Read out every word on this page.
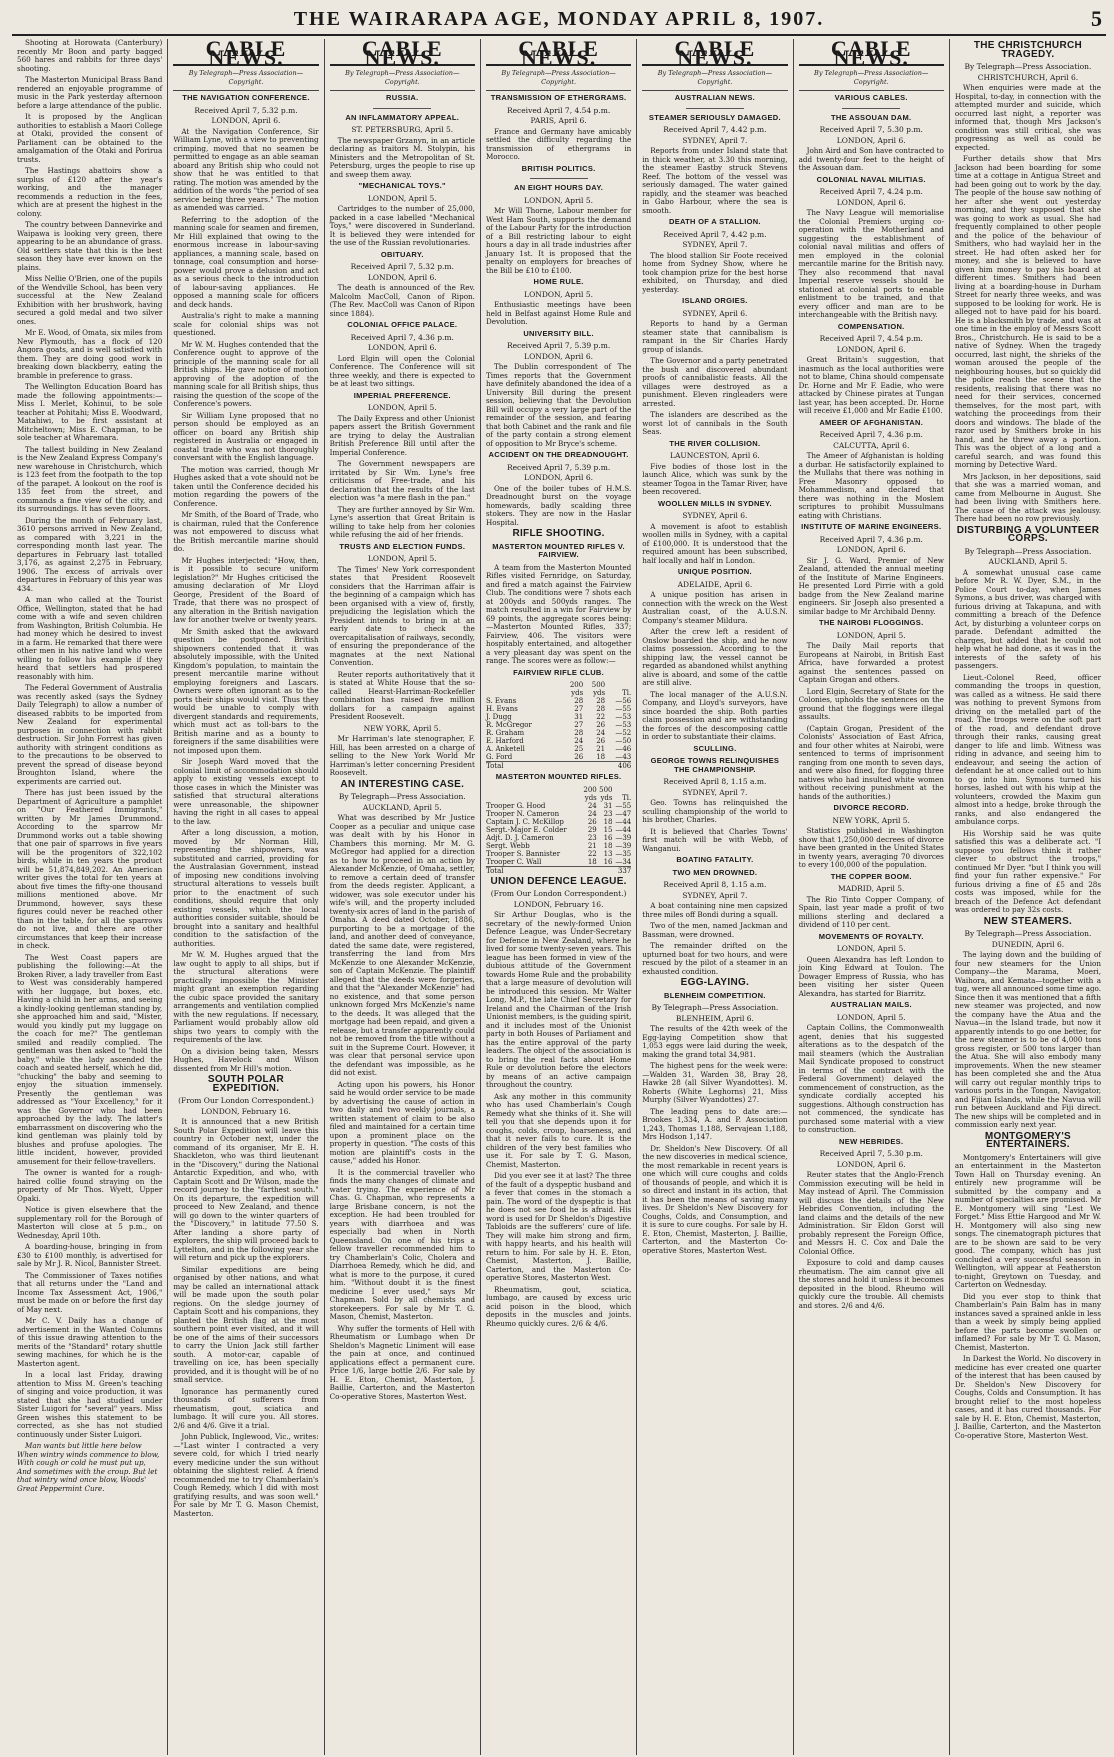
THE WAIRARAPA AGE, MONDAY APRIL 8, 1907.	5

Shooting at Horowata (Canterbury) recently Mr Boon and party bagged 560 hares and rabbits for three days' shooting.

The Masterton Municipal Brass Band rendered an enjoyable programme of music in the Park yesterday afternoon before a large attendance of the public.

It is proposed by the Anglican authorities to establish a Maori College at Otaki, provided the consent of Parliament can be obtained to the amalgamation of the Otaki and Porirua trusts.

The Hastings abattoirs show a surplus of £120 after the year's working, and the manager recommends a reduction in the fees, which are at present the highest in the colony.

The country between Dannevirke and Waipawa is looking very green, there appearing to be an abundance of grass. Old settlers state that this is the best season they have ever known on the plains.

Miss Nellie O'Brien, one of the pupils of the Wendville School, has been very successful at the New Zealand Exhibition with her brushwork, having secured a gold medal and two silver ones.

Mr E. Wood, of Omata, six miles from New Plymouth, has a flock of 120 Angora goats, and is well satisfied with them. They are doing good work in breaking down blackberry, eating the bramble in preference to grass.

The Wellington Education Board has made the following appointments:—Miss I. Merlet, Kohinui, to be sole teacher at Pohitahi; Miss E. Woodward, Matahiwi, to be first assistant at Mitcheltown; Miss E. Chapman, to be sole teacher at Wharemara.

The tallest building in New Zealand is the New Zealand Express Company's new warehouse in Christchurch, which is 123 feet from the footpath to the top of the parapet. A lookout on the roof is 135 feet from the street, and commands a fine view of the city, and its surroundings. It has seven floors.

During the month of February last, 3610 persons arrived in New Zealand, as compared with 3,221 in the corresponding month last year. The departures in February last totalled 3,176, as against 2,275 in February, 1906. The excess of arrivals over departures in February of this year was 434.

A man who called at the Tourist Office, Wellington, stated that he had come with a wife and seven children from Washington, British Columbia. He had money which he desired to invest in a farm. He remarked that there were other men in his native land who were willing to follow his example if they heard that settlers had prospered reasonably with him.

The Federal Government of Australia was recently asked (says the Sydney Daily Telegraph) to allow a number of diseased rabbits to be imported from New Zealand for experimental purposes in connection with rabbit destruction. Sir John Forrest has given authority with stringent conditions as to the precautions to be observed to prevent the spread of disease beyond Broughton Island, where the experiments are carried out.

There has just been issued by the Department of Agriculture a pamphlet on "Our Feathered Immigrants," written by Mr James Drummond. According to the sparrow Mr Drummond works out a table showing that one pair of sparrows in five years will be the progenitors of 322,102 birds, while in ten years the product will be 51,874,849,202. An American writer gives the total for ten years at about five times the fifty-one thousand millions mentioned above. Mr Drummond, however, says these figures could never be reached other than in the table, for all the sparrows do not live, and there are other circumstances that keep their increase in check.

The West Coast papers are publishing the following:—At the Broken River, a lady traveller from East to West was considerably hampered with her luggage, but boxes, etc. Having a child in her arms, and seeing a kindly-looking gentleman standing by, she approached him and said, "Mister, would you kindly put my luggage on the coach for me?" The gentleman smiled and readily complied. The gentleman was then asked to "hold the baby," while the lady ascended the coach and seated herself, which he did, "chucking" the baby and seeming to enjoy the situation immensely. Presently the gentleman was addressed as "Your Excellency," for it was the Governor who had been approached by the lady. The latter's embarrassment on discovering who the kind gentleman was plainly told by blushes and profuse apologies. The little incident, however, provided amusement for their fellow-travellers.

The owner is wanted for a rough-haired collie found straying on the property of Mr Thos. Wyett, Upper Opaki.

Notice is given elsewhere that the supplementary roll for the Borough of Masterton will close at 5 p.m., on Wednesday, April 10th.

A boarding-house, bringing in from £30 to £100 monthly, is advertised for sale by Mr J. R. Nicol, Bannister Street.

The Commissioner of Taxes notifies that all returns under the "Land and Income Tax Assessment Act, 1906," must be made on or before the first day of May next.

Mr C. V. Daily has a change of advertisement in the Wanted Columns of this issue drawing attention to the merits of the "Standard" rotary shuttle sewing machines, for which he is the Masterton agent.

In a local last Friday, drawing attention to Miss M. Green's teaching of singing and voice production, it was stated that she had studied under Sister Luigori for "several" years. Miss Green wishes this statement to be corrected, as she has not studied continuously under Sister Luigori.

Man wants but little here below When wintry winds commence to blow, With cough or cold he must put up, And sometimes with the croup. But let that wintry wind once blow, Woods' Great Peppermint Cure.

CABLE NEWS.
By Telegraph—Press Association—Copyright.
THE NAVIGATION CONFERENCE.
Received April 7, 5.32 p.m.
LONDON, April 6.

At the Navigation Conference, Sir William Lyne, with a view to preventing crimping, moved that no seamen be permitted to engage as an able seaman aboard any British ship who could not show that he was entitled to that rating. The motion was amended by the addition of the words "the period of sea service being three years." The motion as amended was carried.

Referring to the adoption of the manning scale for seamen and firemen, Mr Hill explained that owing to the enormous increase in labour-saving appliances, a manning scale, based on tonnage, coal consumption and horse-power would prove a delusion and act as a serious check to the introduction of labour-saving appliances. He opposed a manning scale for officers and deck hands.

Australia's right to make a manning scale for colonial ships was not questioned.

Mr W. M. Hughes contended that the Conference ought to approve of the principle of the manning scale for all British ships. He gave notice of motion approving of the adoption of the manning scale for all British ships, thus raising the question of the scope of the Conference's powers.

Sir William Lyne proposed that no person should be employed as an officer on board any British ship registered in Australia or engaged in coastal trade who was not thoroughly conversant with the English language.

The motion was carried, though Mr Hughes asked that a vote should not be taken until the Conference decided his motion regarding the powers of the Conference.

Mr Smith, of the Board of Trade, who is chairman, ruled that the Conference was not empowered to discuss what the British mercantile marine should do.

Mr Hughes interjected: "How, then, is it possible to secure uniform legislation?" Mr Hughes criticised the amusing declaration of Mr Lloyd George, President of the Board of Trade, that there was no prospect of any alteration in the British navigation law for another twelve or twenty years.

Mr Smith asked that the awkward question be postponed. British shipowners contended that it was absolutely impossible, with the United Kingdom's population, to maintain the present mercantile marine without employing foreigners and Lascars. Owners were often ignorant as to the ports their ships would visit. Thus they would be unable to comply with divergent standards and requirements, which must act as toll-bars to the British marine and as a bounty to foreigners if the same disabilities were not imposed upon them.

Sir Joseph Ward moved that the colonial limit of accommodation should apply to existing vessels except to those cases in which the Minister was satisfied that structural alterations were unreasonable, the shipowner having the right in all cases to appeal to the law.

After a long discussion, a motion, moved by Mr Norman Hill, representing the shipowners, was substituted and carried, providing for the Australasian Government, instead of imposing new conditions involving structural alterations to vessels built prior to the enactment of such conditions, should require that only existing vessels, which the local authorities consider suitable, should be brought into a sanitary and healthful condition to the satisfaction of the authorities.

Mr W. M. Hughes argued that the law ought to apply to all ships, but if the structural alterations were practically impossible the Minister might grant an exemption regarding the cubic space provided the sanitary arrangements and ventilation complied with the new regulations. If necessary, Parliament would probably allow old ships two years to comply with the requirements of the law.

On a division being taken, Messrs Hughes, Havelock and Wilson dissented from Mr Hill's motion.

SOUTH POLAR EXPEDITION.
(From Our London Correspondent.)
LONDON, February 16.

It is announced that a new British South Polar Expedition will leave this country in October next, under the command of its organiser, Mr E. H. Shackleton, who was third lieutenant in the "Discovery," during the National Antarctic Expedition, and who, with Captain Scott and Dr Wilson, made the record journey to the "farthest south." On its departure, the expedition will proceed to New Zealand, and thence will go down to the winter quarters of the "Discovery," in latitude 77.50 S. After landing a shore party of explorers, the ship will proceed back to Lyttelton, and in the following year she will return and pick up the explorers.

Similar expeditions are being organised by other nations, and what may be called an international attack will be made upon the south polar regions. On the sledge journey of Captain Scott and his companions, they planted the British flag at the most southern point ever visited, and it will be one of the aims of their successors to carry the Union Jack still farther south. A motor-car, capable of travelling on ice, has been specially provided, and it is thought will be of no small service.

Ignorance has permanently cured thousands of sufferers from rheumatism, gout, sciatica and lumbago. It will cure you. All stores. 2/6 and 4/6. Give it a trial.

John Publick, Inglewood, Vic., writes:—"Last winter I contracted a very severe cold, for which I tried nearly every medicine under the sun without obtaining the slightest relief. A friend recommended me to try Chamberlain's Cough Remedy, which I did with most gratifying results, and was soon well." For sale by Mr T. G. Mason Chemist, Masterton.

CABLE NEWS.
By Telegraph—Press Association—Copyright.
RUSSIA.
AN INFLAMMATORY APPEAL.
ST. PETERSBURG, April 5.

The newspaper Grzanyn, in an article declaring as traitors M. Stolypin, his Ministers and the Metropolitan of St. Petersburg, urges the people to rise up and sweep them away.

"MECHANICAL TOYS."
LONDON, April 5.

Cartridges to the number of 25,000, packed in a case labelled "Mechanical Toys," were discovered in Sunderland. It is believed they were intended for the use of the Russian revolutionaries.

OBITUARY.
Received April 7, 5.32 p.m.
LONDON, April 6.

The death is announced of the Rev. Malcolm MacColl, Canon of Ripon. (The Rev. MacColl was Canon of Ripon since 1884).

COLONIAL OFFICE PALACE.
Received April 7, 4.36 p.m.
LONDON, April 6.

Lord Elgin will open the Colonial Conference. The Conference will sit three weekly, and there is expected to be at least two sittings.

IMPERIAL PREFERENCE.
LONDON, April 5.

The Daily Express and other Unionist papers assert the British Government are trying to delay the Australian British Preference Bill until after the Imperial Conference.

The Government newspapers are irritated by Sir Wm. Lyne's free criticisms of Free-trade, and his declaration that the results of the last election was "a mere flash in the pan."

They are further annoyed by Sir Wm. Lyne's assertion that Great Britain is willing to take help from her colonies while refusing the aid of her friends.

TRUSTS AND ELECTION FUNDS.
LONDON, April 5.

The Times' New York correspondent states that President Roosevelt considers that the Harriman affair is the beginning of a campaign which has been organised with a view of, firstly, prejudicing the legislation which the President intends to bring in at an early date to check the overcapitalisation of railways, secondly, of ensuring the preponderance of the magnates at the next National Convention.

Reuter reports authoritatively that it is stated at White House that the so-called Hearst-Harriman-Rockefeller combination has raised five million dollars for a campaign against President Roosevelt.

NEW YORK, April 5.

Mr Harriman's late stenographer, F. Hill, has been arrested on a charge of selling to the New York World Mr Harriman's letter concerning President Roosevelt.

AN INTERESTING CASE.
By Telegraph—Press Association.
AUCKLAND, April 5.

What was described by Mr Justice Cooper as a peculiar and unique case was dealt with by his Honor in Chambers this morning. Mr M. G. McGregor had applied for a direction as to how to proceed in an action by Alexander McKenzie, of Omaha, settler, to remove a certain deed of transfer from the deeds register. Applicant, a widower, was sole executor under his wife's will, and the property included twenty-six acres of land in the parish of Omaha. A deed dated October, 1886, purporting to be a mortgage of the land, and another deed of conveyance, dated the same date, were registered, transferring the land from Mrs McKenzie to one Alexander McKenzie, son of Captain McKenzie. The plaintiff alleged that the deeds were forgeries, and that the "Alexander McKenzie" had no existence, and that some person unknown forged Mrs McKenzie's name to the deeds. It was alleged that the mortgage had been repaid, and given a release, but a transfer apparently could not be removed from the title without a suit in the Supreme Court. However, it was clear that personal service upon the defendant was impossible, as he did not exist.

Acting upon his powers, his Honor said he would order service to be made by advertising the cause of action in two daily and two weekly journals, a written statement of claim to be also filed and maintained for a certain time upon a prominent place on the property in question. "The costs of this motion are plaintiff's costs in the cause," added his Honor.

It is the commercial traveller who finds the many changes of climate and water trying. The experience of Mr Chas. G. Chapman, who represents a large Brisbane concern, is not the exception. He had been troubled for years with diarrhoea and was especially bad when in North Queensland. On one of his trips a fellow traveller recommended him to try Chamberlain's Colic, Cholera and Diarrhoea Remedy, which he did, and what is more to the purpose, it cured him. "Without doubt it is the finest medicine I ever used," says Mr Chapman. Sold by all chemists and storekeepers. For sale by Mr T. G. Mason, Chemist, Masterton.

Why suffer the torments of Hell with Rheumatism or Lumbago when Dr Sheldon's Magnetic Liniment will ease the pain at once, and continued applications effect a permanent cure. Price 1/6, large bottle 2/6. For sale by H. E. Eton, Chemist, Masterton, J. Baillie, Carterton, and the Masterton Co-operative Stores, Masterton West.

CABLE NEWS.
By Telegraph—Press Association—Copyright.
TRANSMISSION OF ETHERGRAMS.
Received April 7, 4.54 p.m.
PARIS, April 6.

France and Germany have amicably settled the difficulty regarding the transmission of ethergrams in Morocco.

BRITISH POLITICS.
AN EIGHT HOURS DAY.
LONDON, April 5.

Mr Will Thorne, Labour member for West Ham South, supports the demand of the Labour Party for the introduction of a Bill restricting labour to eight hours a day in all trade industries after January 1st. It is proposed that the penalty on employers for breaches of the Bill be £10 to £100.

HOME RULE.
LONDON, April 5.

Enthusiastic meetings have been held in Belfast against Home Rule and Devolution.

UNIVERSITY BILL.
Received April 7, 5.39 p.m.
LONDON, April 6.

The Dublin correspondent of The Times reports that the Government have definitely abandoned the idea of a University Bill during the present session, believing that the Devolution Bill will occupy a very large part of the remainder of the session, and fearing that both Cabinet and the rank and file of the party contain a strong element of opposition to Mr Bryce's scheme.

ACCIDENT ON THE DREADNOUGHT.
Received April 7, 5.39 p.m.
LONDON, April 6.

One of the boiler tubes of H.M.S. Dreadnought burst on the voyage homewards, badly scalding three stokers. They are now in the Haslar Hospital.

RIFLE SHOOTING.
MASTERTON MOUNTED RIFLES V. FAIRVIEW.

A team from the Masterton Mounted Rifles visited Fernridge, on Saturday, and fired a match against the Fairview Club. The conditions were 7 shots each at 200yds and 500yds ranges. The match resulted in a win for Fairview by 69 points, the aggregate scores being:—Masterton Mounted Rifles, 337; Fairview, 406. The visitors were hospitably entertained, and altogether a very pleasant day was spent on the range. The scores were as follow:—

FAIRVIEW RIFLE CLUB.
	200	500	
	yds	yds	Tl.
S. Evans	28	28	—56
H. Evans	27	28	—55
J. Dugg	31	22	—53
R. McGregor	27	26	—53
R. Graham	28	24	—52
E. Harford	24	26	—50
A. Anketell	25	21	—46
G. Ford	26	18	—43
Total			406
MASTERTON MOUNTED RIFLES.
	200	500	
	yds	yds	Tl.
Trooper G. Hood	24	31	—55
Trooper N. Cameron	24	23	—47
Captain J. C. McKillop	26	18	—44
Sergt.-Major E. Colder	29	15	—44
Adjt. D. J. Cameron	23	16	—39
Sergt. Webb	21	18	—39
Trooper S. Bannister	22	13	—35
Trooper C. Wall	18	16	—34
Total			337
UNION DEFENCE LEAGUE.
(From Our London Correspondent.)
LONDON, February 16.

Sir Arthur Douglas, who is the secretary of the newly-formed Union Defence League, was Under-Secretary for Defence in New Zealand, where he lived for some twenty-seven years. This league has been formed in view of the dubious attitude of the Government towards Home Rule and the probability that a large measure of devolution will be introduced this session. Mr Walter Long, M.P., the late Chief Secretary for Ireland and the Chairman of the Irish Unionist members, is the guiding spirit, and it includes most of the Unionist party in both Houses of Parliament and has the entire approval of the party leaders. The object of the association is to bring the real facts about Home Rule or devolution before the electors by means of an active campaign throughout the country.

Ask any mother in this community who has used Chamberlain's Cough Remedy what she thinks of it. She will tell you that she depends upon it for coughs, colds, croup, hoarseness, and that it never fails to cure. It is the children of the very best families who use it. For sale by T. G. Mason, Chemist, Masterton.

Did you ever see it at last? The three of the fault of a dyspeptic husband and a fever that comes in the stomach a pain. The word of the dyspeptic is that he does not see food he is afraid. His word is used for Dr Sheldon's Digestive Tabloids are the sufferers' cure of life. They will make him strong and firm, with happy hearts, and his health will return to him. For sale by H. E. Eton, Chemist, Masterton, J. Baillie, Carterton, and the Masterton Co-operative Stores, Masterton West.

Rheumatism, gout, sciatica, lumbago, are caused by excess uric acid poison in the blood, which deposits in the muscles and joints. Rheumo quickly cures. 2/6 & 4/6.

CABLE NEWS.
By Telegraph—Press Association—Copyright.
AUSTRALIAN NEWS.
STEAMER SERIOUSLY DAMAGED.
Received April 7, 4.42 p.m.
SYDNEY, April 7.

Reports from under Island state that in thick weather, at 3.30 this morning, the steamer Eastby struck Stevens Reef. The bottom of the vessel was seriously damaged. The water gained rapidly, and the steamer was beached in Gabo Harbour, where the sea is smooth.

DEATH OF A STALLION.
Received April 7, 4.42 p.m.
SYDNEY, April 7.

The blood stallion Sir Foote received home from Sydney Show, where he took champion prize for the best horse exhibited, on Thursday, and died yesterday.

ISLAND ORGIES.
SYDNEY, April 6.

Reports to hand by a German steamer state that cannibalism is rampant in the Sir Charles Hardy group of islands.

The Governor and a party penetrated the bush and discovered abundant proofs of cannibalistic feasts. All the villages were destroyed as a punishment. Eleven ringleaders were arrested.

The islanders are described as the worst lot of cannibals in the South Seas.

THE RIVER COLLISION.
LAUNCESTON, April 6.

Five bodies of those lost in the launch Alice, which was sunk by the steamer Togoa in the Tamar River, have been recovered.

WOOLLEN MILLS IN SYDNEY.
SYDNEY, April 6.

A movement is afoot to establish woollen mills in Sydney, with a capital of £100,000. It is understood that the required amount has been subscribed, half locally and half in London.

UNIQUE POSITION.
ADELAIDE, April 6.

A unique position has arisen in connection with the wreck on the West Australian coast, of the A.U.S.N. Company's steamer Mildura.

After the crew left a resident of Onslow boarded the ship, and he now claims possession. According to the shipping law, the vessel cannot be regarded as abandoned whilst anything alive is aboard, and some of the cattle are still alive.

The local manager of the A.U.S.N. Company, and Lloyd's surveyors, have since boarded the ship. Both parties claim possession and are withstanding the forces of the descomposing cattle in order to substantiate their claims.

SCULLING.
GEORGE TOWNS RELINQUISHES THE CHAMPIONSHIP.
Received April 8, 1.15 a.m.
SYDNEY, April 7.

Geo. Towns has relinquished the sculling championship of the world to his brother, Charles.

It is believed that Charles Towns' first match will be with Webb, of Wanganui.

BOATING FATALITY.
TWO MEN DROWNED.
Received April 8, 1.15 a.m.
SYDNEY, April 7.

A boat containing nine men capsized three miles off Bondi during a squall.

Two of the men, named Jackman and Bassman, were drowned.

The remainder drifted on the upturned boat for two hours, and were rescued by the pilot of a steamer in an exhausted condition.

EGG-LAYING.
BLENHEIM COMPETITION.
By Telegraph—Press Association.
BLENHEIM, April 6.

The results of the 42th week of the Egg-laying Competition show that 1,053 eggs were laid during the week, making the grand total 34,981.

The highest pens for the week were:—Walden 31, Warden 38, Bray 28, Hawke 28 (all Silver Wyandottes). M. Roberts (White Leghorns) 21, Miss Murphy (Silver Wyandottes) 27.

The leading pens to date are:—Brookes 1,334, A. and P. Association 1,243, Thomas 1,188, Servajean 1,188, Mrs Hodson 1,147.

Dr. Sheldon's New Discovery. Of all the new discoveries in medical science, the most remarkable in recent years is one which will cure coughs and colds of thousands of people, and which it is so direct and instant in its action, that it has been the means of saving many lives. Dr Sheldon's New Discovery for Coughs, Colds, and Consumption, and it is sure to cure coughs. For sale by H. E. Eton, Chemist, Masterton, J. Baillie, Carterton, and the Masterton Co-operative Stores, Masterton West.

CABLE NEWS.
By Telegraph—Press Association—Copyright.
VARIOUS CABLES.
THE ASSOUAN DAM.
Received April 7, 5.30 p.m.
LONDON, April 6.

John Aird and Son have contracted to add twenty-four feet to the height of the Assouan dam.

COLONIAL NAVAL MILITIAS.
Received April 7, 4.24 p.m.
LONDON, April 6.

The Navy League will memorialise the Colonial Premiers urging co-operation with the Motherland and suggesting the establishment of colonial naval militias and offers of men employed in the colonial mercantile marine for the British navy. They also recommend that naval Imperial reserve vessels should be stationed at colonial ports to enable enlistment to be trained, and that every officer and man are to be interchangeable with the British navy.

COMPENSATION.
Received April 7, 4.54 p.m.
LONDON, April 6.

Great Britain's suggestion, that inasmuch as the local authorities were not to blame, China should compensate Dr. Horne and Mr F. Eadie, who were attacked by Chinese pirates at Tungan last year, has been accepted. Dr. Horne will receive £1,000 and Mr Eadie £100.

AMEER OF AFGHANISTAN.
Received April 7, 4.36 p.m.
CALCUTTA, April 6.

The Ameer of Afghanistan is holding a durbar. He satisfactorily explained to the Mullahs that there was nothing in Free Masonry opposed to Mohammedism, and declared that there was nothing in the Moslem scriptures to prohibit Mussulmans eating with Christians.

INSTITUTE OF MARINE ENGINEERS.
Received April 7, 4.36 p.m.
LONDON, April 6.

Sir J. G. Ward, Premier of New Zealand, attended the annual meeting of the Institute of Marine Engineers. He presented Lord Pirrie with a gold badge from the New Zealand marine engineers. Sir Joseph also presented a similar badge to Mr Archibald Denny.

THE NAIROBI FLOGGINGS.
LONDON, April 5.

The Daily Mail reports that Europeans at Nairobi, in British East Africa, have forwarded a protest against the sentences passed on Captain Grogan and others.

Lord Elgin, Secretary of State for the Colonies, upholds the sentences on the ground that the floggings were illegal assaults.

(Captain Grogan, President of the Colonists' Association of East Africa, and four other whites at Nairobi, were sentenced to terms of imprisonment ranging from one month to seven days, and were also fined, for flogging three natives who had insulted white women without receiving punishment at the hands of the authorities.)

DIVORCE RECORD.
NEW YORK, April 5.

Statistics published in Washington show that 1,250,000 decrees of divorce have been granted in the United States in twenty years, averaging 70 divorces to every 100,000 of the population.

THE COPPER BOOM.
MADRID, April 5.

The Rio Tinto Copper Company, of Spain, last year made a profit of two millions sterling and declared a dividend of 110 per cent.

MOVEMENTS OF ROYALTY.
LONDON, April 5.

Queen Alexandra has left London to join King Edward at Toulon. The Dowager Empress of Russia, who has been visiting her sister Queen Alexandra, has started for Biarritz.

AUSTRALIAN MAILS.
LONDON, April 5.

Captain Collins, the Commonwealth agent, denies that his suggested alterations as to the despatch of the mail steamers (which the Australian Mail Syndicate proposed to construct in terms of the contract with the Federal Government) delayed the commencement of construction, as the syndicate cordially accepted his suggestions. Although construction has not commenced, the syndicate has purchased some material with a view to construction.

NEW HEBRIDES.
Received April 7, 5.30 p.m.
LONDON, April 6.

Reuter states that the Anglo-French Commission executing will be held in May instead of April. The Commission will discuss the details of the New Hebrides Convention, including the land claims and the details of the new Administration. Sir Eldon Gorst will probably represent the Foreign Office, and Messrs H. C. Cox and Dale the Colonial Office.

Exposure to cold and damp causes rheumatism. The aim cannot give all the stores and hold it unless it becomes deposited in the blood. Rheumo will quickly cure the trouble. All chemists and stores. 2/6 and 4/6.

THE CHRISTCHURCH TRAGEDY.
By Telegraph—Press Association.
CHRISTCHURCH, April 6.

When enquiries were made at the Hospital, to-day, in connection with the attempted murder and suicide, which occurred last night, a reporter was informed that, though Mrs Jackson's condition was still critical, she was progressing as well as could be expected.

Further details show that Mrs Jackson had been boarding for some time at a cottage in Antigua Street and had been going out to work by the day. The people of the house saw nothing of her after she went out yesterday morning, and they supposed that she was going to work as usual. She had frequently complained to other people and the police of the behaviour of Smithers, who had waylaid her in the street. He had often asked her for money, and she is believed to have given him money to pay his board at different times. Smithers had been living at a boarding-house in Durham Street for nearly three weeks, and was supposed to be looking for work. He is alleged not to have paid for his board. He is a blacksmith by trade, and was at one time in the employ of Messrs Scott Bros., Christchurch. He is said to be a native of Sydney. When the tragedy occurred, last night, the shrieks of the woman aroused the people of the neighbouring houses, but so quickly did the police reach the scene that the residents, realising that there was no need for their services, concerned themselves, for the most part, with watching the proceedings from their doors and windows. The blade of the razor used by Smithers broke in his hand, and he threw away a portion. This was the object of a long and a careful search, and was found this morning by Detective Ward.

Mrs Jackson, in her depositions, said that she was a married woman, and came from Melbourne in August. She had been living with Smithers here. The cause of the attack was jealousy. There had been no row previously.

DISTURBING A VOLUNTEER CORPS.
By Telegraph—Press Association.
AUCKLAND, April 5.

A somewhat unusual case came before Mr R. W. Dyer, S.M., in the Police Court to-day, when James Symons, a bus driver, was charged with furious driving at Takapuna, and with committing a breach of the Defence Act, by disturbing a volunteer corps on parade. Defendant admitted the charges, but added that he could not help what he had done, as it was in the interests of the safety of his passengers.

Lieut.-Colonel Reed, officer commanding the troops in question, was called as a witness. He said there was nothing to prevent Symons from driving on the metalled part of the road. The troops were on the soft part of the road, and defendant drove through their ranks, causing great danger to life and limb. Witness was riding in advance, and seeing him to endeavour, and seeing the action of defendant he at once called out to him to go into him. Symons turned his horses, lashed out with his whip at the volunteers, crowded the Maxim gun almost into a hedge, broke through the ranks, and also endangered the ambulance corps.

His Worship said he was quite satisfied this was a deliberate act. "I suppose you fellows think it rather clever to obstruct the troops," continued Mr Dyer. "but I think you will find your fun rather expensive." For furious driving a fine of £5 and 28s costs was imposed, while for the breach of the Defence Act defendant was ordered to pay 32s costs.

NEW STEAMERS.
By Telegraph—Press Association.
DUNEDIN, April 6.

The laying down and the building of four new steamers for the Union Company—the Marama, Moeri, Waihora, and Kemata—together with a tug, were all announced some time ago. Since then it was mentioned that a fifth new steamer was projected, and now the company have the Atua and the Navua—in the Island trade, but now it apparently intends to go one better, for the new steamer is to be of 4,000 tons gross register, or 500 tons larger than the Atua. She will also embody many improvements. When the new steamer has been completed she and the Atua will carry out regular monthly trips to various ports in the Tongan, Navigator, and Fijian Islands, while the Navua will run between Auckland and Fiji direct. The new ships will be completed and in commission early next year.

MONTGOMERY'S ENTERTAINERS.

Montgomery's Entertainers will give an entertainment in the Masterton Town Hall on Thursday evening. An entirely new programme will be submitted by the company and a number of specialties are promised. Mr E. Montgomery will sing "Lest We Forget." Miss Ettie Hargood and Mr W. H. Montgomery will also sing new songs. The cinematograph pictures that are to be shown are said to be very good. The company, which has just concluded a very successful season in Wellington, will appear at Featherston to-night, Greytown on Tuesday, and Carterton on Wednesday.

Did you ever stop to think that Chamberlain's Pain Balm has in many instances saved a sprained ankle in less than a week by simply being applied before the parts become swollen or inflamed? For sale by Mr T. G. Mason, Chemist, Masterton.

In Darkest the World. No discovery in medicine has ever created one quarter of the interest that has been caused by Dr. Sheldon's New Discovery for Coughs, Colds and Consumption. It has brought relief to the most hopeless cases, and it has cured thousands. For sale by H. E. Eton, Chemist, Masterton, J. Baillie, Carterton, and the Masterton Co-operative Store, Masterton West.
